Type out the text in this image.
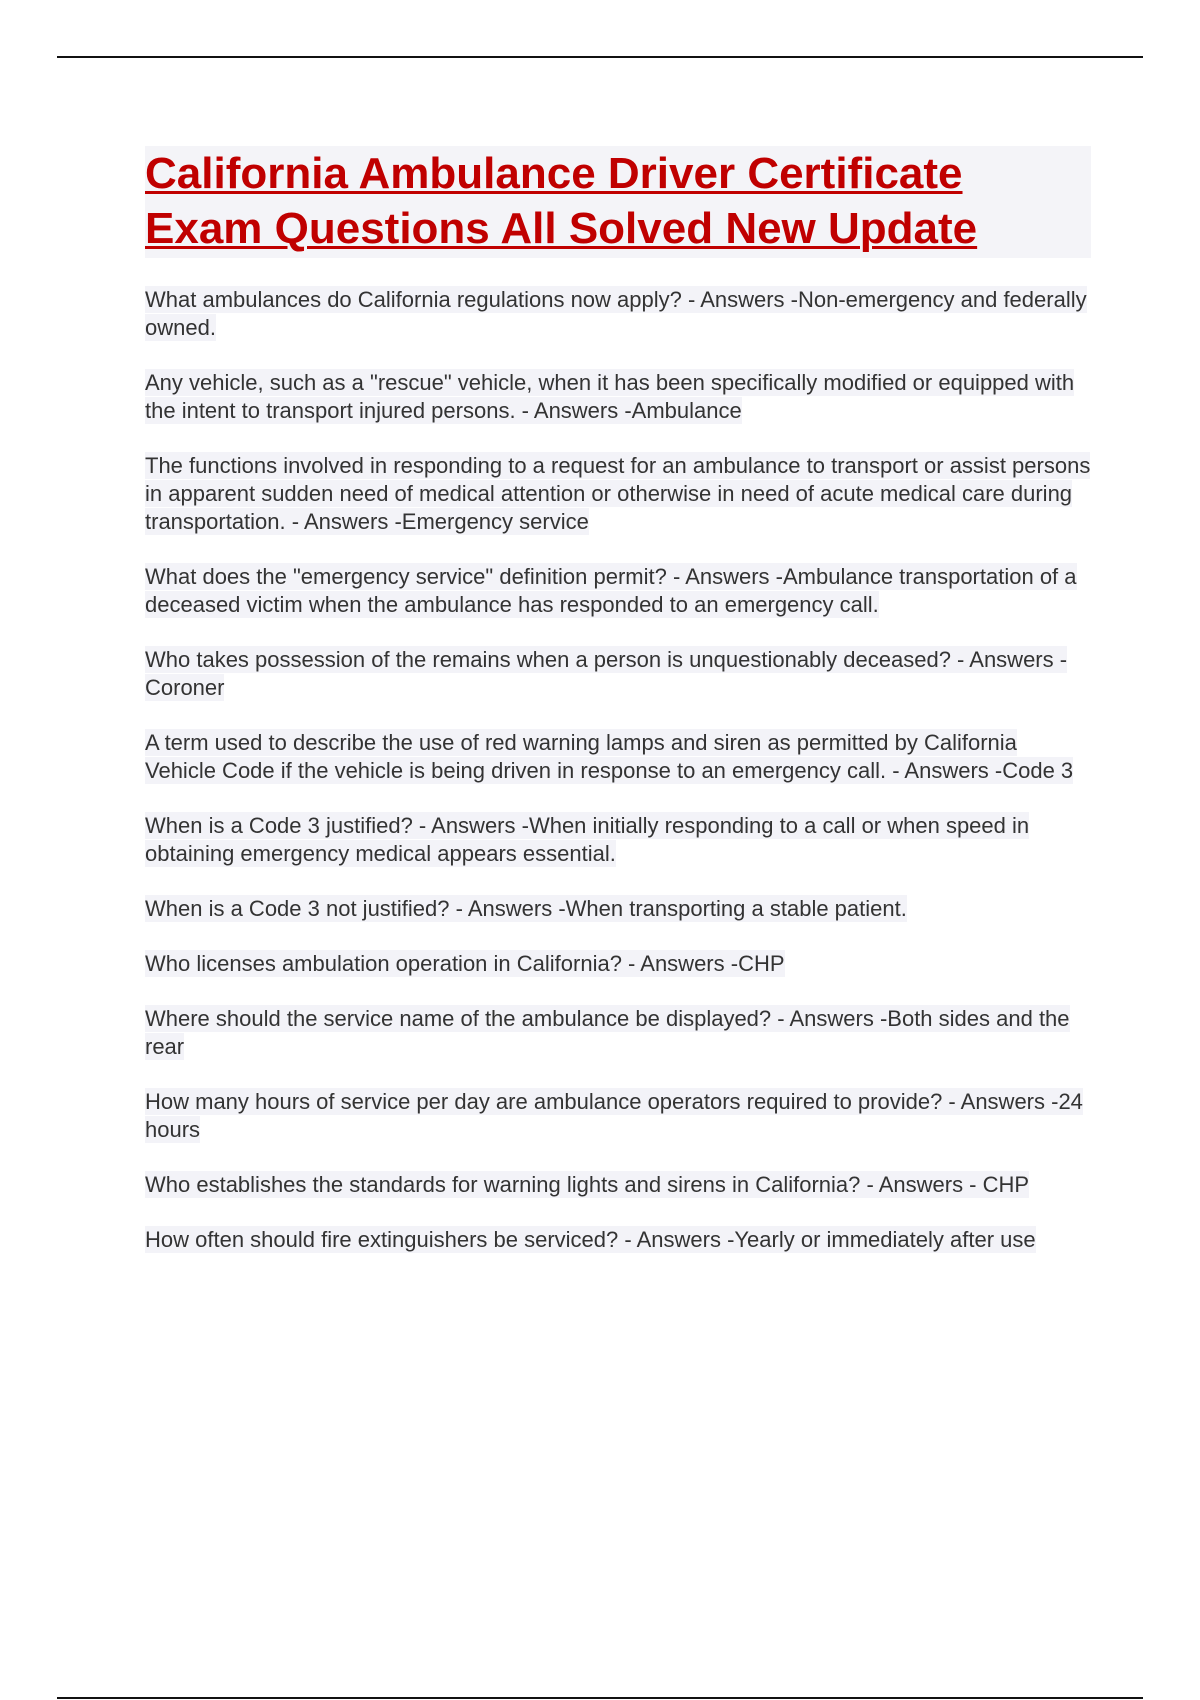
California Ambulance Driver Certificate Exam Questions All Solved New Update
What ambulances do California regulations now apply? - Answers -Non-emergency and federally owned.
Any vehicle, such as a "rescue" vehicle, when it has been specifically modified or equipped with the intent to transport injured persons. - Answers -Ambulance
The functions involved in responding to a request for an ambulance to transport or assist persons in apparent sudden need of medical attention or otherwise in need of acute medical care during transportation. - Answers -Emergency service
What does the "emergency service" definition permit? - Answers -Ambulance transportation of a deceased victim when the ambulance has responded to an emergency call.
Who takes possession of the remains when a person is unquestionably deceased? - Answers -Coroner
A term used to describe the use of red warning lamps and siren as permitted by California Vehicle Code if the vehicle is being driven in response to an emergency call. - Answers -Code 3
When is a Code 3 justified? - Answers -When initially responding to a call or when speed in obtaining emergency medical appears essential.
When is a Code 3 not justified? - Answers -When transporting a stable patient.
Who licenses ambulation operation in California? - Answers -CHP
Where should the service name of the ambulance be displayed? - Answers -Both sides and the rear
How many hours of service per day are ambulance operators required to provide? - Answers -24 hours
Who establishes the standards for warning lights and sirens in California? - Answers - CHP
How often should fire extinguishers be serviced? - Answers -Yearly or immediately after use
